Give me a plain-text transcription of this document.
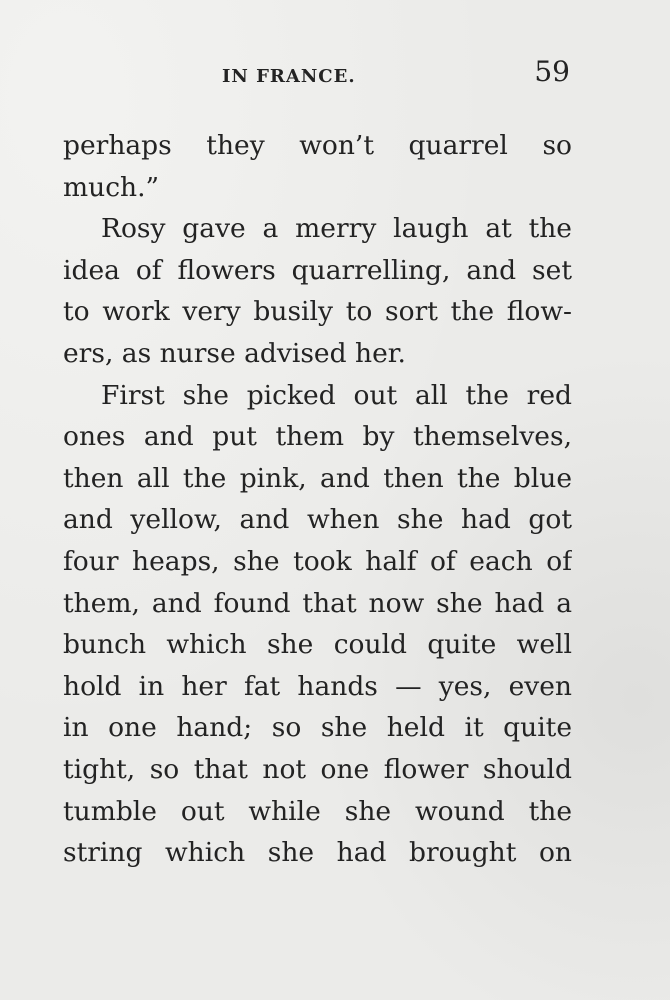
IN FRANCE.	59
perhaps they won’t quarrel so
much.”
Rosy gave a merry laugh at the
idea of flowers quarrelling, and set
to work very busily to sort the flow-
ers, as nurse advised her.
First she picked out all the red
ones and put them by themselves,
then all the pink, and then the blue
and yellow, and when she had got
four heaps, she took half of each of
them, and found that now she had a
bunch which she could quite well
hold in her fat hands — yes, even
in one hand; so she held it quite
tight, so that not one flower should
tumble out while she wound the
string which she had brought on
